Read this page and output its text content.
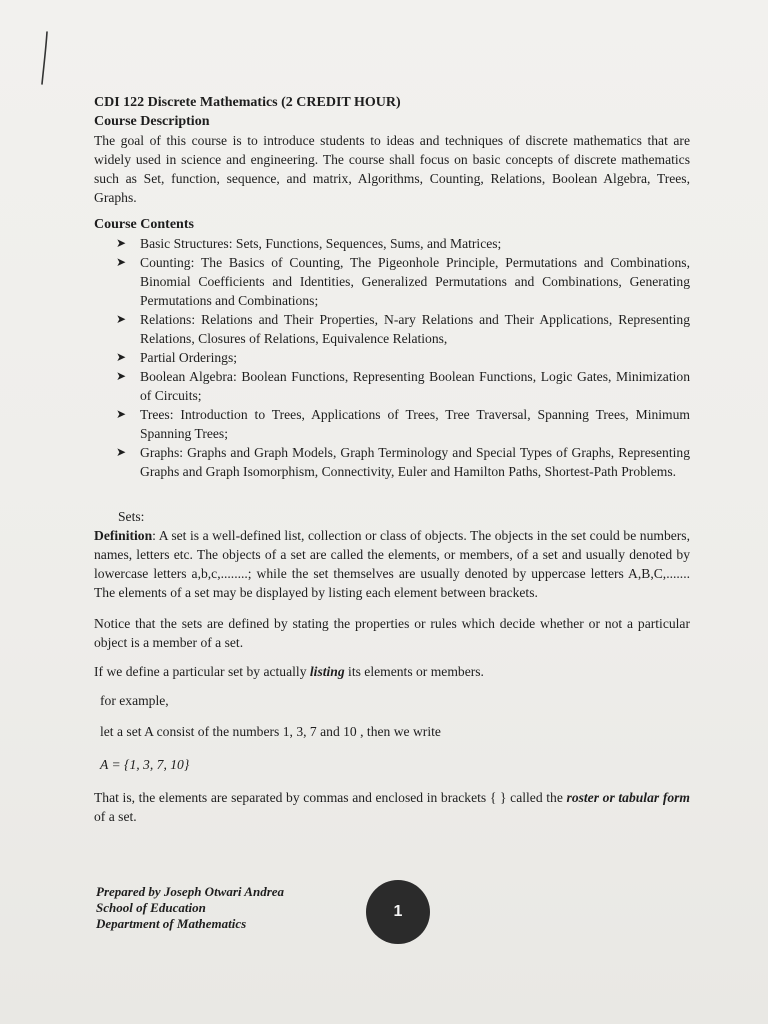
CDI 122 Discrete Mathematics (2 CREDIT HOUR)

Course Description

The goal of this course is to introduce students to ideas and techniques of discrete mathematics that are widely used in science and engineering. The course shall focus on basic concepts of discrete mathematics such as Set, function, sequence, and matrix, Algorithms, Counting, Relations, Boolean Algebra, Trees, Graphs.

Course Contents

➤ Basic Structures: Sets, Functions, Sequences, Sums, and Matrices;
➤ Counting: The Basics of Counting, The Pigeonhole Principle, Permutations and Combinations, Binomial Coefficients and Identities, Generalized Permutations and Combinations, Generating Permutations and Combinations;
➤ Relations: Relations and Their Properties, N-ary Relations and Their Applications, Representing Relations, Closures of Relations, Equivalence Relations,
➤ Partial Orderings;
➤ Boolean Algebra: Boolean Functions, Representing Boolean Functions, Logic Gates, Minimization of Circuits;
➤ Trees: Introduction to Trees, Applications of Trees, Tree Traversal, Spanning Trees, Minimum Spanning Trees;
➤ Graphs: Graphs and Graph Models, Graph Terminology and Special Types of Graphs, Representing Graphs and Graph Isomorphism, Connectivity, Euler and Hamilton Paths, Shortest-Path Problems.

Sets:

Definition: A set is a well-defined list, collection or class of objects. The objects in the set could be numbers, names, letters etc. The objects of a set are called the elements, or members, of a set and usually denoted by lowercase letters a,b,c,........; while the set themselves are usually denoted by uppercase letters A,B,C,....... The elements of a set may be displayed by listing each element between brackets.

Notice that the sets are defined by stating the properties or rules which decide whether or not a particular object is a member of a set.

If we define a particular set by actually listing its elements or members.

for example,

let a set A consist of the numbers 1, 3, 7 and 10 , then we write

A = {1, 3, 7, 10}

That is, the elements are separated by commas and enclosed in brackets { } called the roster or tabular form of a set.

Prepared by Joseph Otwari Andrea
School of Education
Department of Mathematics
1
